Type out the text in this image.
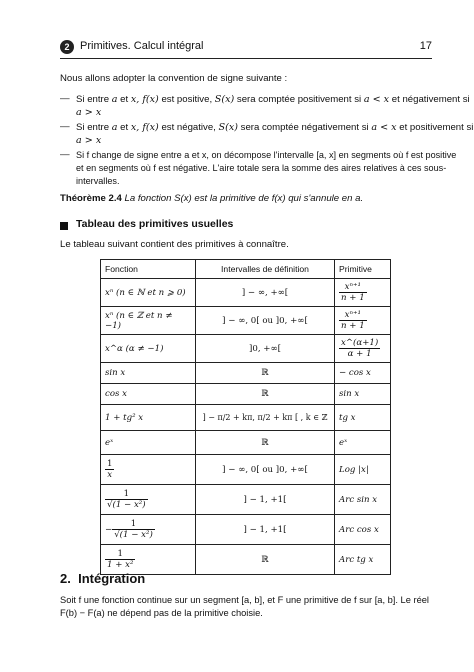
2 Primitives. Calcul intégral	17
Nous allons adopter la convention de signe suivante :
— Si entre a et x, f(x) est positive, S(x) sera comptée positivement si a < x et négativement si
a > x
— Si entre a et x, f(x) est négative, S(x) sera comptée négativement si a < x et positivement si
a > x
— Si f change de signe entre a et x, on décompose l'intervalle [a, x] en segments où f est positive
et en segments où f est négative. L'aire totale sera la somme des aires relatives à ces sous-
intervalles.
Théorème 2.4 La fonction S(x) est la primitive de f(x) qui s'annule en a.
Tableau des primitives usuelles
Le tableau suivant contient des primitives à connaître.
Fonction	Intervalles de définition	Primitive
xⁿ (n ∈ ℕ et n ⩾ 0)	] − ∞, +∞[	$\frac{\text{xⁿ⁺¹}}{n + 1}$

xⁿ (n ∈ ℤ et n ≠ −1)	] − ∞, 0[ ou ]0, +∞[	$\frac{\text{xⁿ⁺¹}}{n + 1}$

x^α (α ≠ −1)	]0, +∞[	$\frac{x\^{}(\alpha+1)}{\alpha + 1}$

sin x	ℝ	− cos x
cos x	ℝ	sin x
1 + tg² x	] − π/2 + kπ, π/2 + kπ [ , k ∈ ℤ	tg x
eˣ	ℝ	eˣ

$\frac{1}{x}$	] − ∞, 0[ ou ]0, +∞[	Log |x|

$\frac{1}{\text{√(1 − x²)}}$	] − 1, +1[	Arc sin x
− $\frac{1}{\text{√(1 − x²)}}$	] − 1, +1[	Arc cos x

$\frac{1}{\text{1 + x²}}$	ℝ	Arc tg x
2. Intégration
Soit f une fonction continue sur un segment [a, b], et F une primitive de f sur [a, b]. Le réel
F(b) − F(a) ne dépend pas de la primitive choisie.
